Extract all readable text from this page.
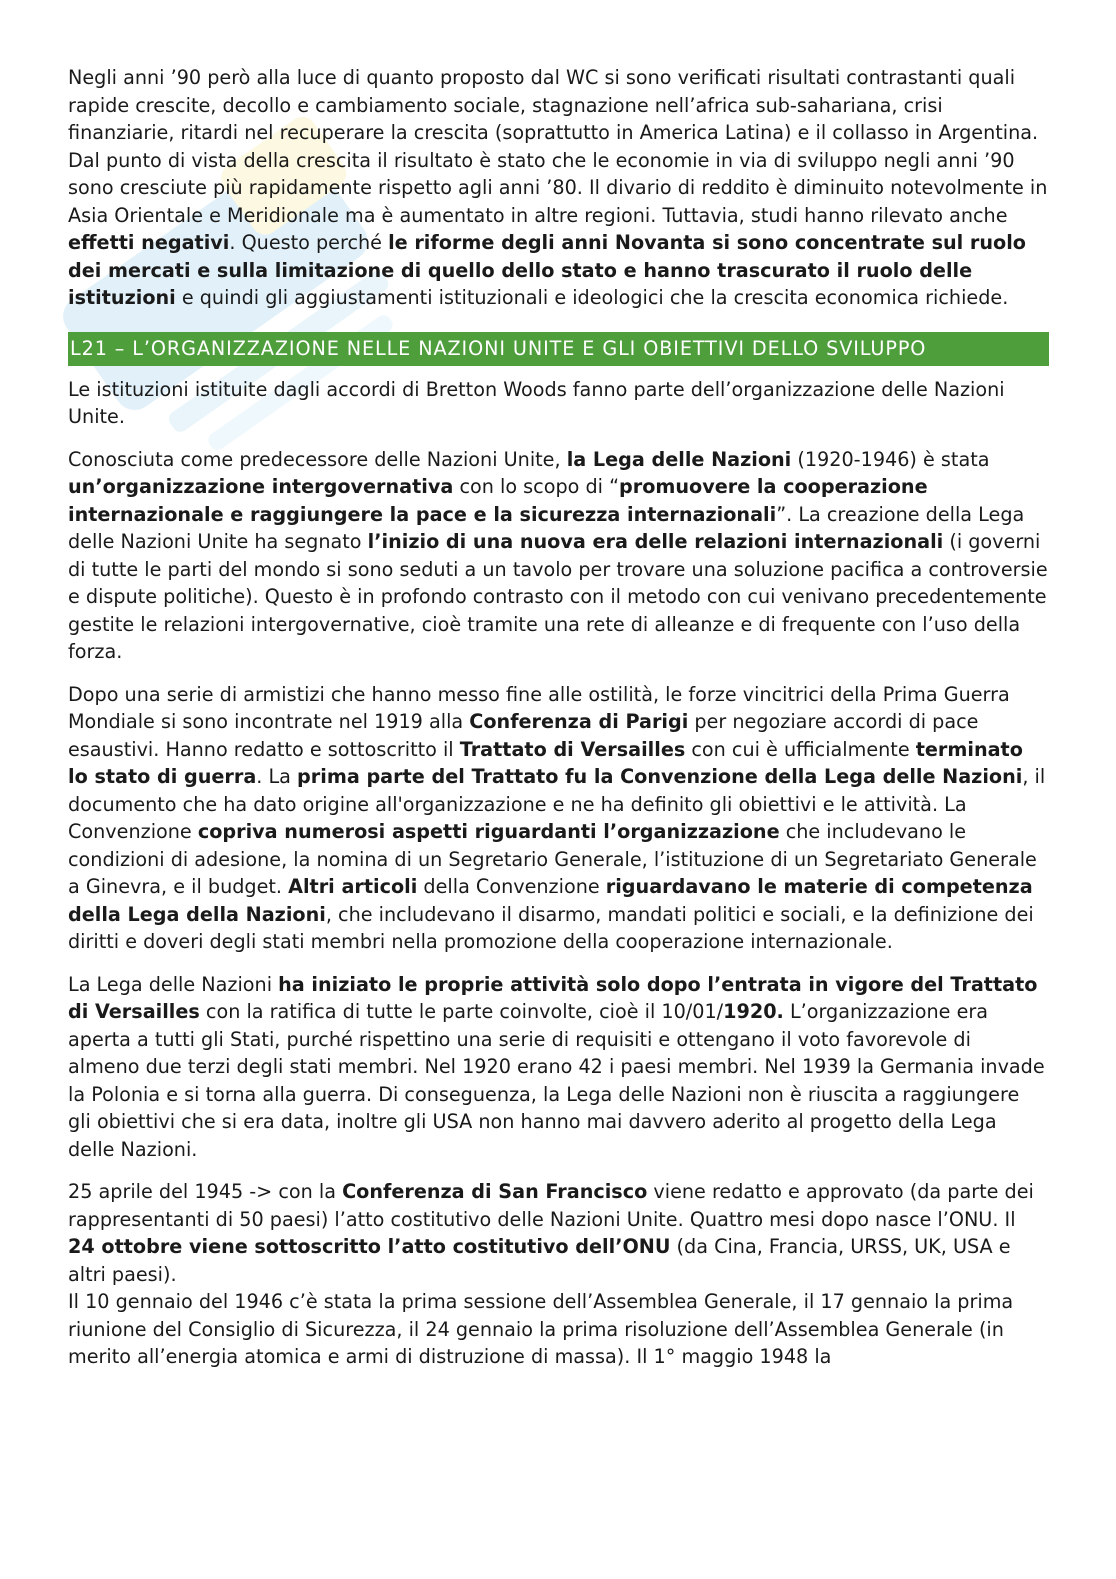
Negli anni ’90 però alla luce di quanto proposto dal WC si sono verificati risultati contrastanti quali rapide crescite, decollo e cambiamento sociale, stagnazione nell’africa sub-sahariana, crisi finanziarie, ritardi nel recuperare la crescita (soprattutto in America Latina) e il collasso in Argentina.

Dal punto di vista della crescita il risultato è stato che le economie in via di sviluppo negli anni ’90 sono cresciute più rapidamente rispetto agli anni ’80. Il divario di reddito è diminuito notevolmente in Asia Orientale e Meridionale ma è aumentato in altre regioni. Tuttavia, studi hanno rilevato anche effetti negativi. Questo perché le riforme degli anni Novanta si sono concentrate sul ruolo dei mercati e sulla limitazione di quello dello stato e hanno trascurato il ruolo delle istituzioni e quindi gli aggiustamenti istituzionali e ideologici che la crescita economica richiede.

L21 – L’ORGANIZZAZIONE NELLE NAZIONI UNITE E GLI OBIETTIVI DELLO SVILUPPO

Le istituzioni istituite dagli accordi di Bretton Woods fanno parte dell’organizzazione delle Nazioni Unite.

Conosciuta come predecessore delle Nazioni Unite, la Lega delle Nazioni (1920-1946) è stata un’organizzazione intergovernativa con lo scopo di “promuovere la cooperazione internazionale e raggiungere la pace e la sicurezza internazionali”. La creazione della Lega delle Nazioni Unite ha segnato l’inizio di una nuova era delle relazioni internazionali (i governi di tutte le parti del mondo si sono seduti a un tavolo per trovare una soluzione pacifica a controversie e dispute politiche). Questo è in profondo contrasto con il metodo con cui venivano precedentemente gestite le relazioni intergovernative, cioè tramite una rete di alleanze e di frequente con l’uso della forza.

Dopo una serie di armistizi che hanno messo fine alle ostilità, le forze vincitrici della Prima Guerra Mondiale si sono incontrate nel 1919 alla Conferenza di Parigi per negoziare accordi di pace esaustivi. Hanno redatto e sottoscritto il Trattato di Versailles con cui è ufficialmente terminato lo stato di guerra. La prima parte del Trattato fu la Convenzione della Lega delle Nazioni, il documento che ha dato origine all'organizzazione e ne ha definito gli obiettivi e le attività. La Convenzione copriva numerosi aspetti riguardanti l’organizzazione che includevano le condizioni di adesione, la nomina di un Segretario Generale, l’istituzione di un Segretariato Generale a Ginevra, e il budget. Altri articoli della Convenzione riguardavano le materie di competenza della Lega della Nazioni, che includevano il disarmo, mandati politici e sociali, e la definizione dei diritti e doveri degli stati membri nella promozione della cooperazione internazionale.

La Lega delle Nazioni ha iniziato le proprie attività solo dopo l’entrata in vigore del Trattato di Versailles con la ratifica di tutte le parte coinvolte, cioè il 10/01/1920. L’organizzazione era aperta a tutti gli Stati, purché rispettino una serie di requisiti e ottengano il voto favorevole di almeno due terzi degli stati membri. Nel 1920 erano 42 i paesi membri. Nel 1939 la Germania invade la Polonia e si torna alla guerra. Di conseguenza, la Lega delle Nazioni non è riuscita a raggiungere gli obiettivi che si era data, inoltre gli USA non hanno mai davvero aderito al progetto della Lega delle Nazioni.

25 aprile del 1945 -> con la Conferenza di San Francisco viene redatto e approvato (da parte dei rappresentanti di 50 paesi) l’atto costitutivo delle Nazioni Unite. Quattro mesi dopo nasce l’ONU. Il 24 ottobre viene sottoscritto l’atto costitutivo dell’ONU (da Cina, Francia, URSS, UK, USA e altri paesi).

Il 10 gennaio del 1946 c’è stata la prima sessione dell’Assemblea Generale, il 17 gennaio la prima riunione del Consiglio di Sicurezza, il 24 gennaio la prima risoluzione dell’Assemblea Generale (in merito all’energia atomica e armi di distruzione di massa). Il 1° maggio 1948 la
